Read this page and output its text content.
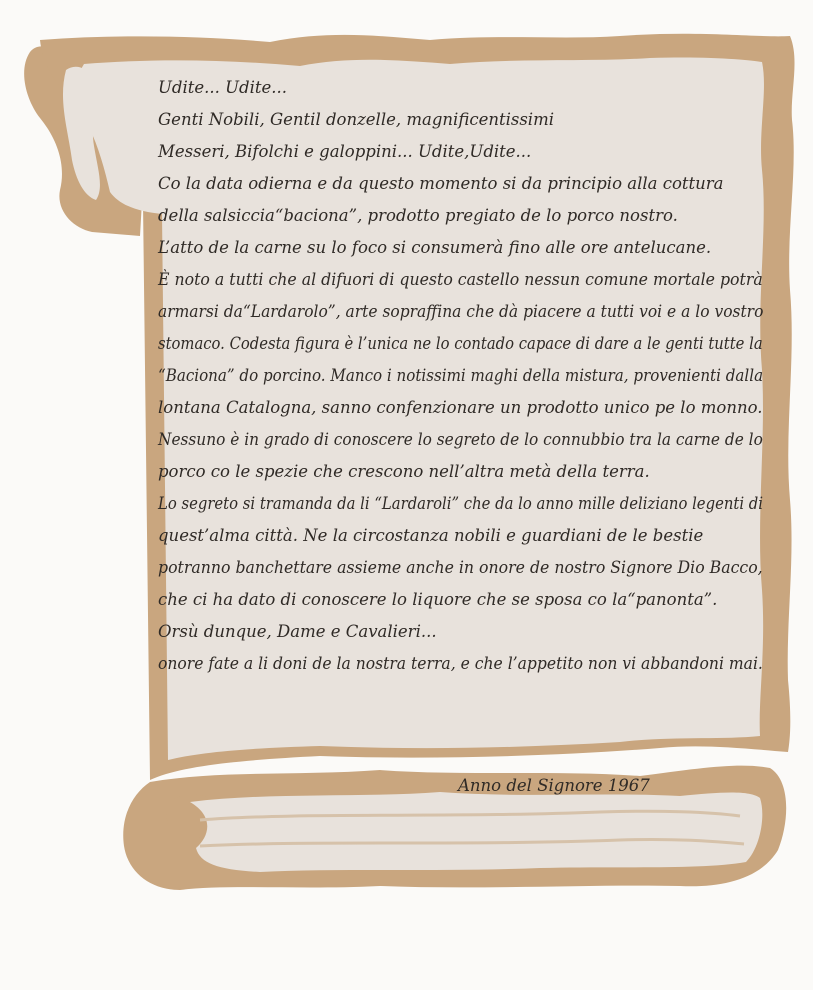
Udite... Udite...
Genti Nobili, Gentil donzelle, magnificentissimi
Messeri, Bifolchi e galoppini... Udite,Udite...
Co la data odierna e da questo momento si da principio alla cottura
della salsiccia“baciona”, prodotto pregiato de lo porco nostro.
L’atto de la carne su lo foco si consumerà fino alle ore antelucane.
È noto a tutti che al difuori di questo castello nessun comune mortale potrà
armarsi da“Lardarolo”, arte sopraffina che dà piacere a tutti voi e a lo vostro
stomaco. Codesta figura è l’unica ne lo contado capace di dare a le genti tutte la
“Baciona” do porcino. Manco i notissimi maghi della mistura, provenienti dalla
lontana Catalogna, sanno confenzionare un prodotto unico pe lo monno.
Nessuno è in grado di conoscere lo segreto de lo connubbio tra la carne de lo
porco co le spezie che crescono nell’altra metà della terra.
Lo segreto si tramanda da li “Lardaroli” che da lo anno mille deliziano legenti di
quest’alma città. Ne la circostanza nobili e guardiani de le bestie
potranno banchettare assieme anche in onore de nostro Signore Dio Bacco,
che ci ha dato di conoscere lo liquore che se sposa co la“panonta”.
Orsù dunque, Dame e Cavalieri...
onore fate a li doni de la nostra terra, e che l’appetito non vi abbandoni mai.
Anno del Signore 1967
